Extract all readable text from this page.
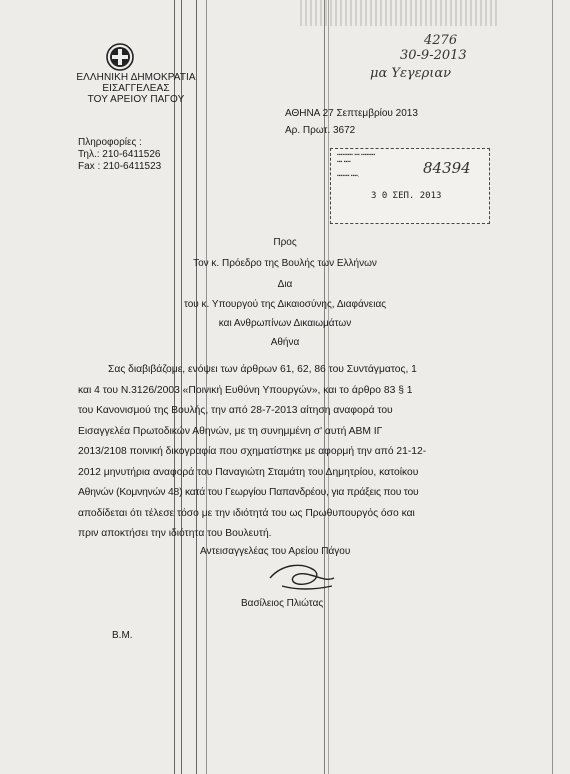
ΕΛΛΗΝΙΚΗ ΔΗΜΟΚΡΑΤΙΑ
ΕΙΣΑΓΓΕΛΕΑΣ
ΤΟΥ ΑΡΕΙΟΥ ΠΑΓΟΥ
Πληροφορίες :
Τηλ.: 210-6411526
Fax : 210-6411523
ΑΘΗΝΑ 27 Σεπτεμβρίου 2013
Αρ. Πρωτ. 3672
4276
30-9-2013
μα Υεγεριαν
▪▪▪▪▪▪▪▪▪ ▪▪▪ ▪▪▪▪▪▪▪▪
▪▪▪ ▪▪▪▪
▪▪▪▪▪▪▪ ▪▪▪▪.	84394
3 0 ΣΕΠ. 2013
Προς
Τον κ. Πρόεδρο της Βουλής των Ελλήνων
Δια
του κ. Υπουργού της Δικαιοσύνης, Διαφάνειας
και Ανθρωπίνων Δικαιωμάτων
Αθήνα
Σας διαβιβάζομε, ενόψει των άρθρων 61, 62, 86 του Συντάγματος, 1
και 4 του Ν.3126/2003 «Ποινική Ευθύνη Υπουργών», και το άρθρο 83 § 1
του Κανονισμού της Βουλής, την από 28-7-2013 αίτηση αναφορά του
Εισαγγελέα Πρωτοδικών Αθηνών, με τη συνημμένη σ' αυτή ΑΒΜ ΙΓ
2013/2108 ποινική δικογραφία που σχηματίστηκε με αφορμή την από 21-12-
2012 μηνυτήρια αναφορά του Παναγιώτη Σταμάτη του Δημητρίου, κατοίκου
Αθηνών (Κομνηνών 48) κατά του Γεωργίου Παπανδρέου, για πράξεις που του
αποδίδεται ότι τέλεσε τόσο με την ιδιότητά του ως Πρωθυπουργός όσο και
πριν αποκτήσει την ιδιότητα του Βουλευτή.
Αντεισαγγελέας του Αρείου Πάγου
Βασίλειος Πλιώτας
Β.Μ.
